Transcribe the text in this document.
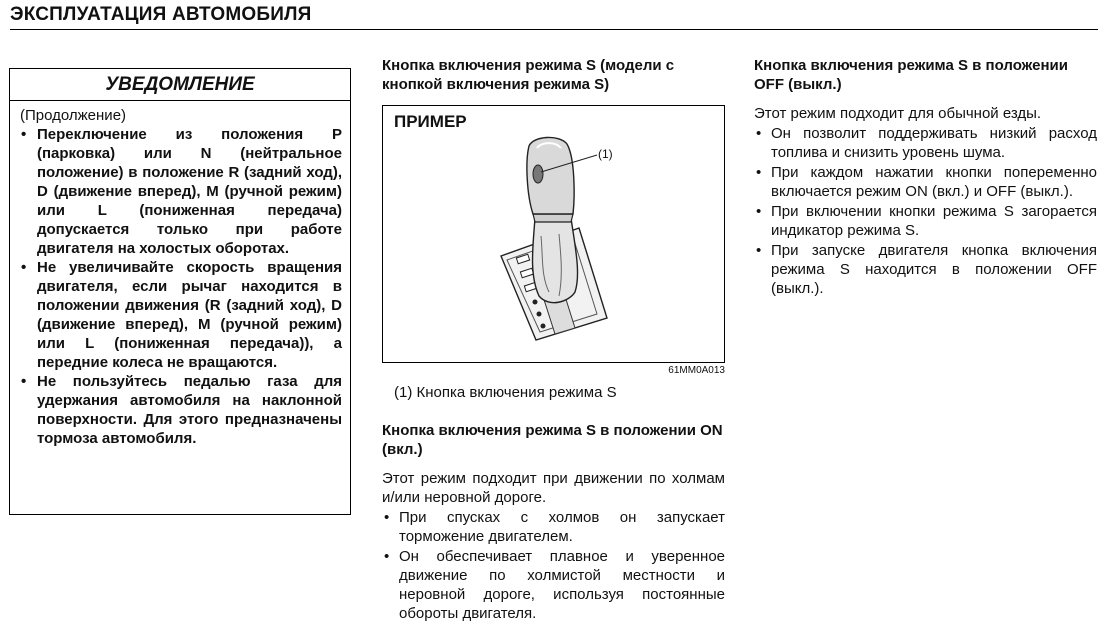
ЭКСПЛУАТАЦИЯ АВТОМОБИЛЯ
УВЕДОМЛЕНИЕ
(Продолжение)
• Переключение из положения P (парковка) или N (нейтральное положение) в положение R (задний ход), D (движение вперед), M (ручной режим) или L (пониженная передача) допускается только при работе двигателя на холостых оборотах.
• Не увеличивайте скорость вращения двигателя, если рычаг находится в положении движения (R (задний ход), D (движение вперед), M (ручной режим) или L (пониженная передача)), а передние колеса не вращаются.
• Не пользуйтесь педалью газа для удержания автомобиля на наклонной поверхности. Для этого предназначены тормоза автомобиля.
Кнопка включения режима S (модели с кнопкой включения режима S)
ПРИМЕР
(1)
61MM0A013
(1) Кнопка включения режима S
Кнопка включения режима S в положении ON (вкл.)
Этот режим подходит при движении по холмам и/или неровной дороге.
• При спусках с холмов он запускает торможение двигателем.
• Он обеспечивает плавное и уверенное движение по холмистой местности и неровной дороге, используя постоянные обороты двигателя.
Кнопка включения режима S в положении OFF (выкл.)
Этот режим подходит для обычной езды.
• Он позволит поддерживать низкий расход топлива и снизить уровень шума.
• При каждом нажатии кнопки попеременно включается режим ON (вкл.) и OFF (выкл.).
• При включении кнопки режима S загорается индикатор режима S.
• При запуске двигателя кнопка включения режима S находится в положении OFF (выкл.).
